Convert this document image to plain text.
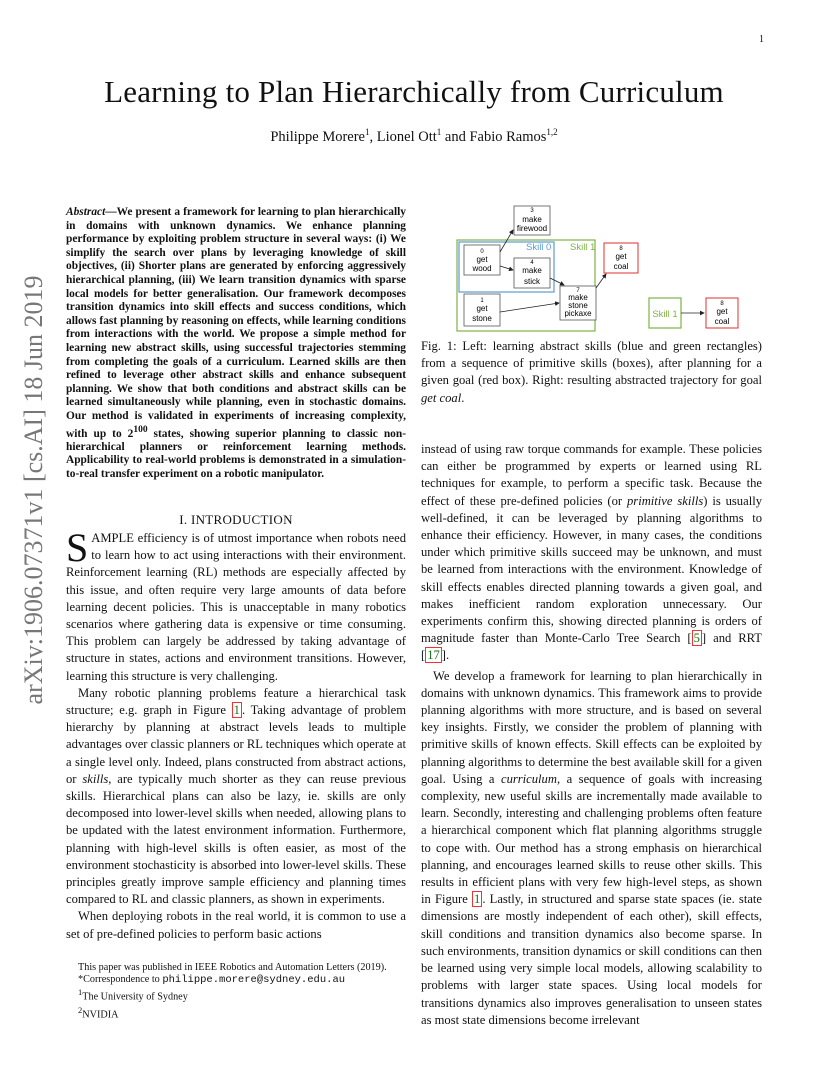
1
Learning to Plan Hierarchically from Curriculum
Philippe Morere$^1$, Lionel Ott$^1$ and Fabio Ramos$^{1,2}$
arXiv:1906.07371v1 [cs.AI] 18 Jun 2019
Abstract—We present a framework for learning to plan hierarchically in domains with unknown dynamics. We enhance planning performance by exploiting problem structure in several ways: (i) We simplify the search over plans by leveraging knowledge of skill objectives, (ii) Shorter plans are generated by enforcing aggressively hierarchical planning, (iii) We learn transition dynamics with sparse local models for better generalisation. Our framework decomposes transition dynamics into skill effects and success conditions, which allows fast planning by reasoning on effects, while learning conditions from interactions with the world. We propose a simple method for learning new abstract skills, using successful trajectories stemming from completing the goals of a curriculum. Learned skills are then refined to leverage other abstract skills and enhance subsequent planning. We show that both conditions and abstract skills can be learned simultaneously while planning, even in stochastic domains. Our method is validated in experiments of increasing complexity, with up to $2^{100}$ states, showing superior planning to classic non-hierarchical planners or reinforcement learning methods. Applicability to real-world problems is demonstrated in a simulation-to-real transfer experiment on a robotic manipulator.
I. INTRODUCTION

SAMPLE efficiency is of utmost importance when robots need to learn how to act using interactions with their environment. Reinforcement learning (RL) methods are especially affected by this issue, and often require very large amounts of data before learning decent policies. This is unacceptable in many robotics scenarios where gathering data is expensive or time consuming. This problem can largely be addressed by taking advantage of structure in states, actions and environment transitions. However, learning this structure is very challenging.

Many robotic planning problems feature a hierarchical task structure; e.g. graph in Figure 1 . Taking advantage of problem hierarchy by planning at abstract levels leads to multiple advantages over classic planners or RL techniques which operate at a single level only. Indeed, plans constructed from abstract actions, or skills, are typically much shorter as they can reuse previous skills. Hierarchical plans can also be lazy, ie. skills are only decomposed into lower-level skills when needed, allowing plans to be updated with the latest environment information. Furthermore, planning with high-level skills is often easier, as most of the environment stochasticity is absorbed into lower-level skills. These principles greatly improve sample efficiency and planning times compared to RL and classic planners, as shown in experiments.

When deploying robots in the real world, it is common to use a set of pre-defined policies to perform basic actions

This paper was published in IEEE Robotics and Automation Letters (2019).
*Correspondence to philippe.morere@sydney.edu.au
$^1$The University of Sydney
$^2$NVIDIA
Skill 0 Skill 1
0
get
wood
1
get
stone
3
make
firewood
4
make
stick
7
make
stone
pickaxe
8
get
coal
Skill 1
8
get
coal
Fig. 1: Left: learning abstract skills (blue and green rectangles) from a sequence of primitive skills (boxes), after planning for a given goal (red box). Right: resulting abstracted trajectory for goal get coal.

instead of using raw torque commands for example. These policies can either be programmed by experts or learned using RL techniques for example, to perform a specific task. Because the effect of these pre-defined policies (or primitive skills) is usually well-defined, it can be leveraged by planning algorithms to enhance their efficiency. However, in many cases, the conditions under which primitive skills succeed may be unknown, and must be learned from interactions with the environment. Knowledge of skill effects enables directed planning towards a given goal, and makes inefficient random exploration unnecessary. Our experiments confirm this, showing directed planning is orders of magnitude faster than Monte-Carlo Tree Search [ 5 ] and RRT [ 17 ].

We develop a framework for learning to plan hierarchically in domains with unknown dynamics. This framework aims to provide planning algorithms with more structure, and is based on several key insights. Firstly, we consider the problem of planning with primitive skills of known effects. Skill effects can be exploited by planning algorithms to determine the best available skill for a given goal. Using a curriculum, a sequence of goals with increasing complexity, new useful skills are incrementally made available to learn. Secondly, interesting and challenging problems often feature a hierarchical component which flat planning algorithms struggle to cope with. Our method has a strong emphasis on hierarchical planning, and encourages learned skills to reuse other skills. This results in efficient plans with very few high-level steps, as shown in Figure 1 . Lastly, in structured and sparse state spaces (ie. state dimensions are mostly independent of each other), skill effects, skill conditions and transition dynamics also become sparse. In such environments, transition dynamics or skill conditions can then be learned using very simple local models, allowing scalability to problems with larger state spaces. Using local models for transitions dynamics also improves generalisation to unseen states as most state dimensions become irrelevant
